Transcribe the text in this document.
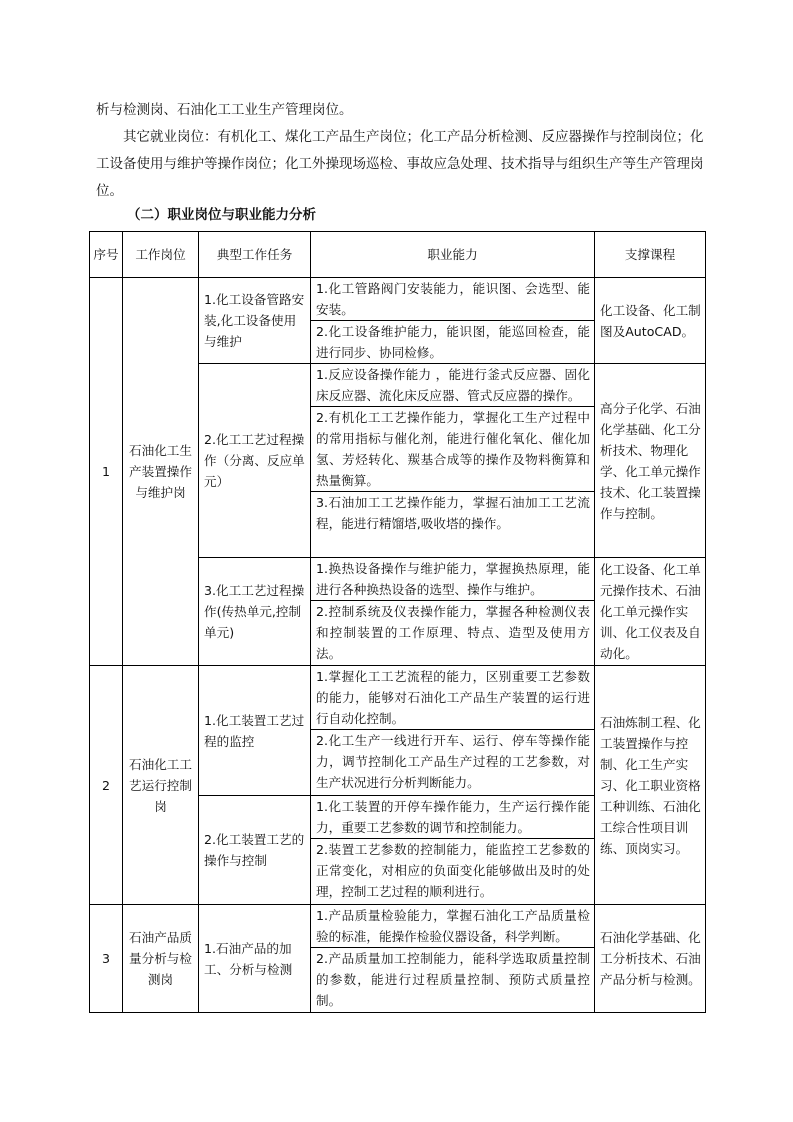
析与检测岗、石油化工工业生产管理岗位。

其它就业岗位：有机化工、煤化工产品生产岗位；化工产品分析检测、反应器操作与控制岗位；化工设备使用与维护等操作岗位；化工外操现场巡检、事故应急处理、技术指导与组织生产等生产管理岗位。

（二）职业岗位与职业能力分析
序号	工作岗位	典型工作任务	职业能力	支撑课程
1	石油化工生产装置操作与维护岗	1.化工设备管路安装,化工设备使用与维护	1.化工管路阀门安装能力，能识图、会选型、能安装。
2.化工设备维护能力，能识图，能巡回检查，能进行同步、协同检修。	化工设备、化工制图及AutoCAD。
		2.化工工艺过程操作（分离、反应单元）	1.反应设备操作能力 ，能进行釜式反应器、固化床反应器、流化床反应器、管式反应器的操作。
2.有机化工工艺操作能力，掌握化工生产过程中的常用指标与催化剂，能进行催化氧化、催化加氢、芳烃转化、羰基合成等的操作及物料衡算和热量衡算。
3.石油加工工艺操作能力，掌握石油加工工艺流程，能进行精馏塔,吸收塔的操作。	高分子化学、石油化学基础、化工分析技术、物理化学、化工单元操作技术、化工装置操作与控制。
		3.化工工艺过程操作(传热单元,控制单元)	1.换热设备操作与维护能力，掌握换热原理，能进行各种换热设备的选型、操作与维护。
2.控制系统及仪表操作能力，掌握各种检测仪表和控制装置的工作原理、特点、造型及使用方法。	化工设备、化工单元操作技术、石油化工单元操作实训、化工仪表及自动化。
2	石油化工工艺运行控制岗	1.化工装置工艺过程的监控	1.掌握化工工艺流程的能力，区别重要工艺参数的能力，能够对石油化工产品生产装置的运行进行自动化控制。
2.化工生产一线进行开车、运行、停车等操作能力，调节控制化工产品生产过程的工艺参数，对生产状况进行分析判断能力。	石油炼制工程、化工装置操作与控制、化工生产实习、化工职业资格工种训练、石油化工综合性项目训练、顶岗实习。
		2.化工装置工艺的操作与控制	1.化工装置的开停车操作能力，生产运行操作能力，重要工艺参数的调节和控制能力。
2.装置工艺参数的控制能力，能监控工艺参数的正常变化，对相应的负面变化能够做出及时的处理，控制工艺过程的顺利进行。	

3	石油产品质量分析与检测岗	1.石油产品的加工、分析与检测	1.产品质量检验能力，掌握石油化工产品质量检验的标准，能操作检验仪器设备，科学判断。
2.产品质量加工控制能力，能科学选取质量控制的参数，能进行过程质量控制、预防式质量控制。	石油化学基础、化工分析技术、石油产品分析与检测。
